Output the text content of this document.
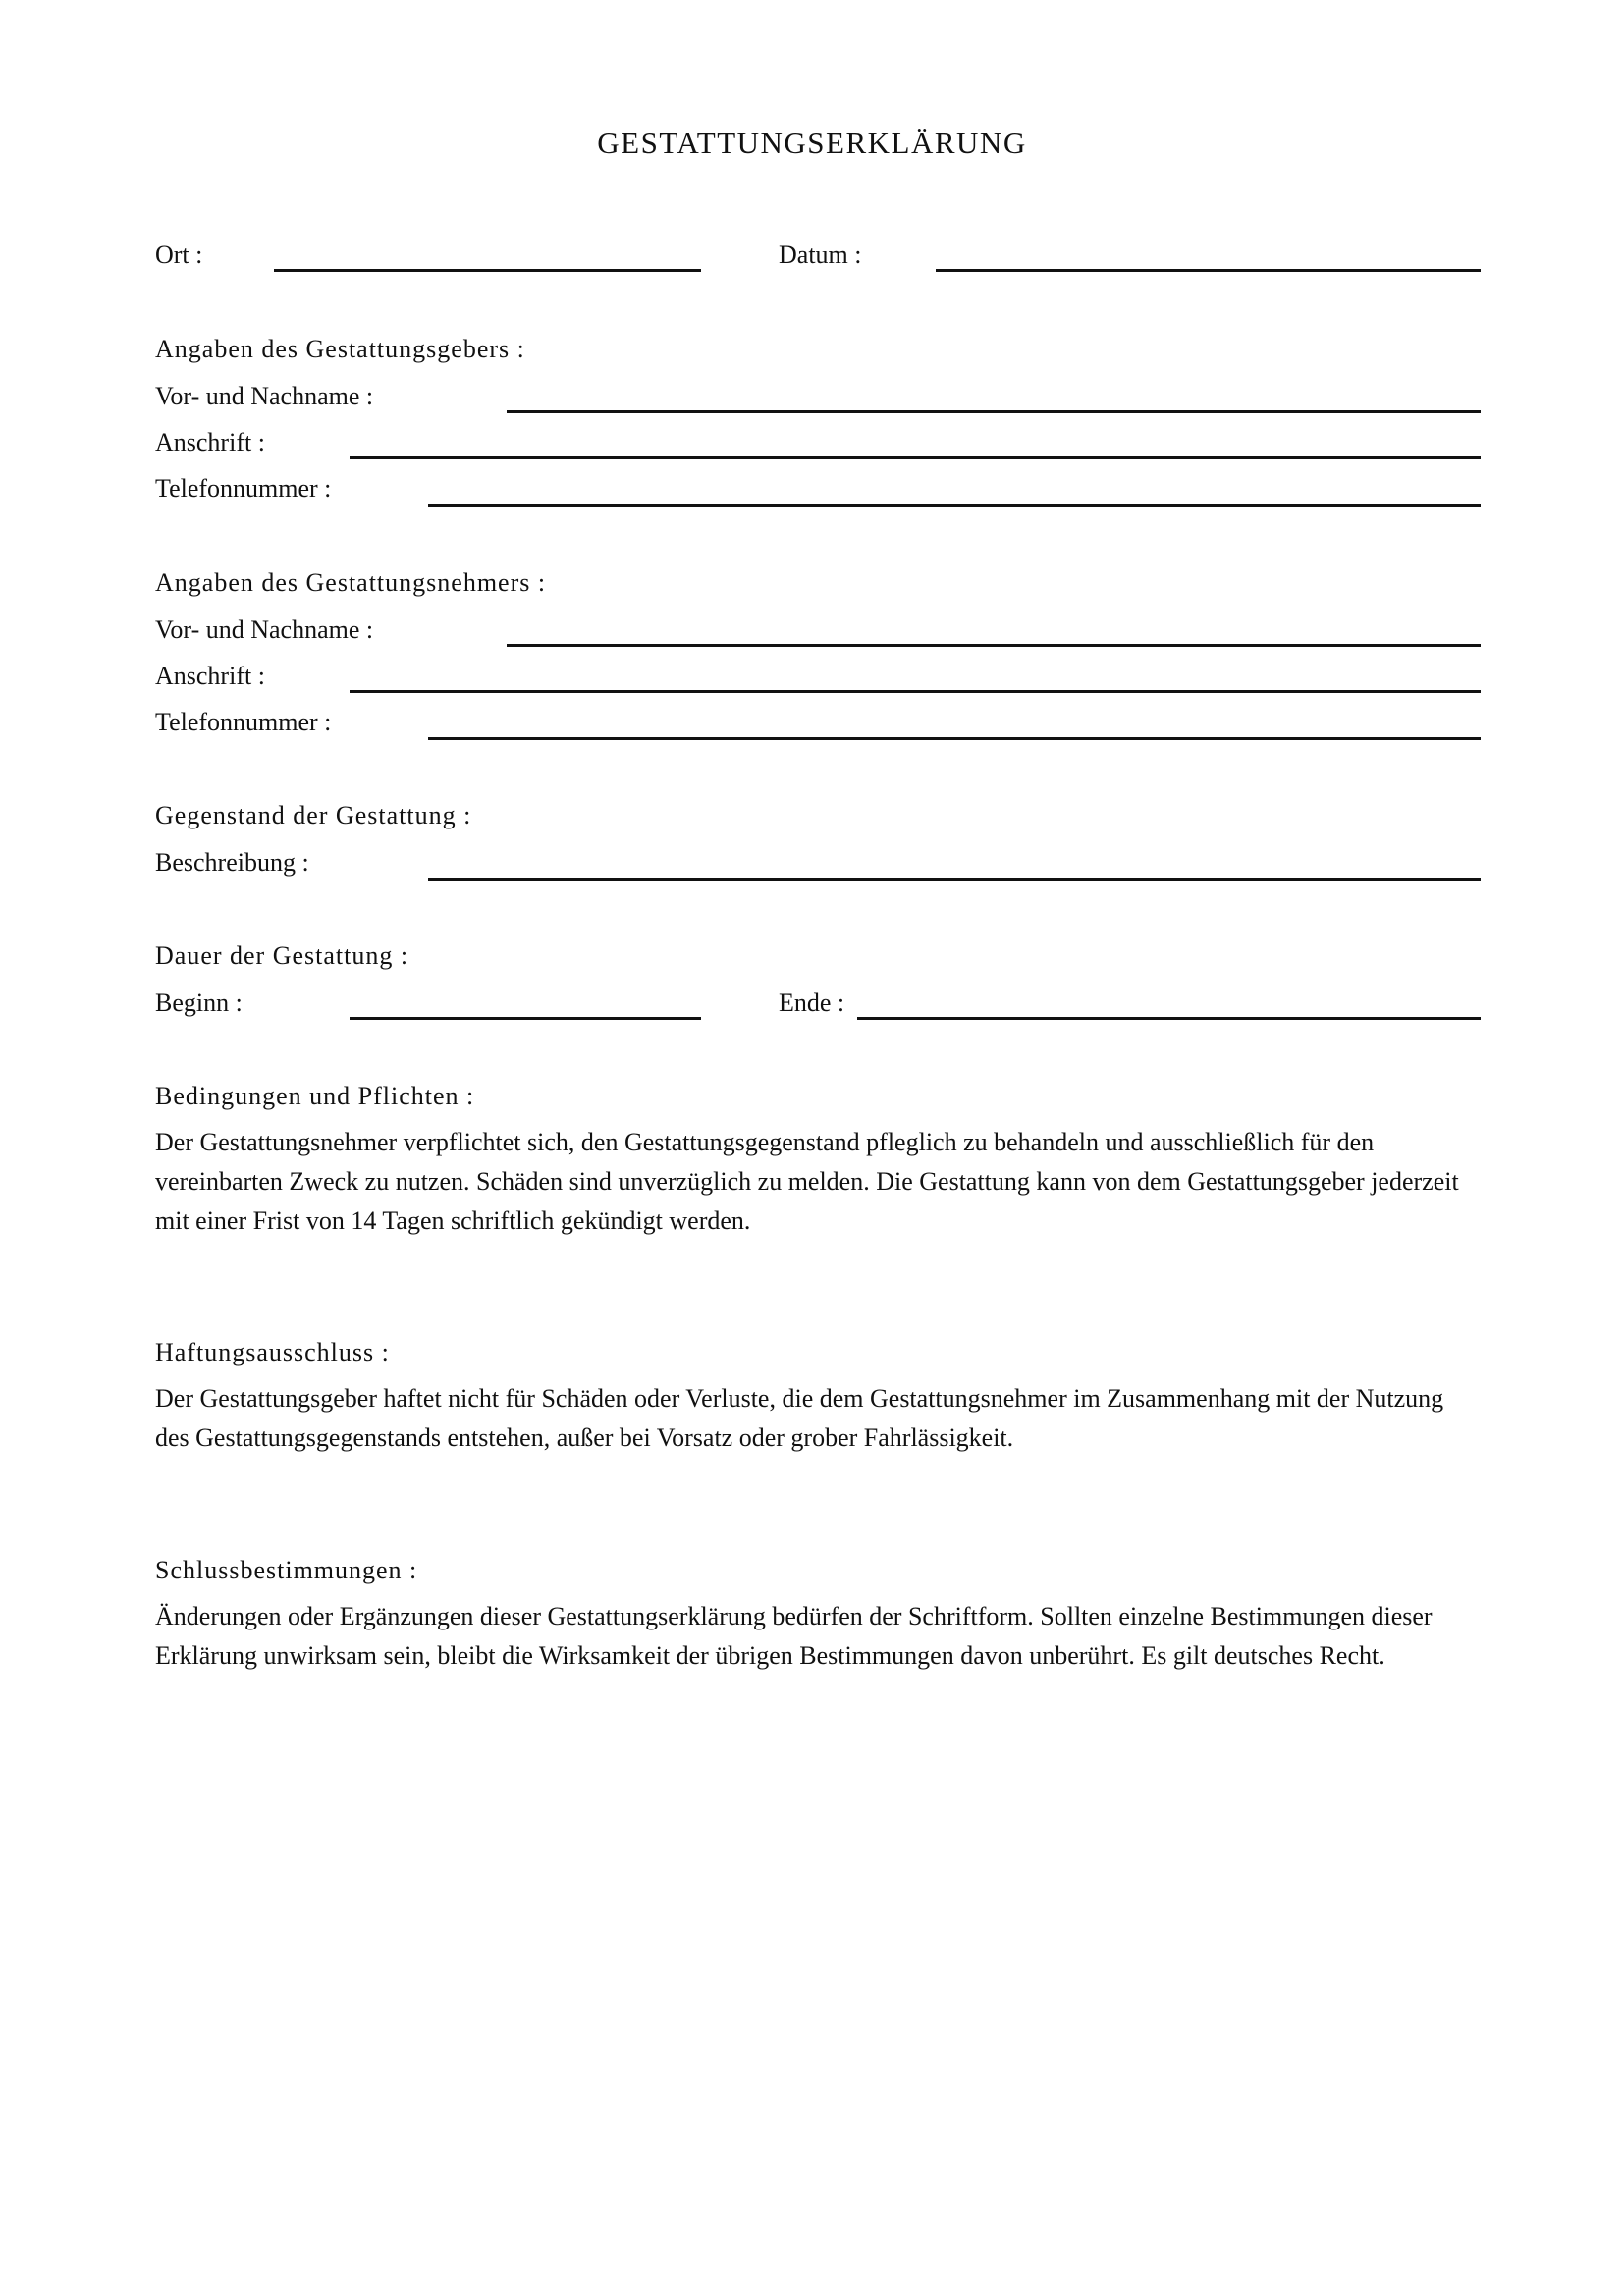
GESTATTUNGSERKLÄRUNG
Ort :	Datum :
Angaben des Gestattungsgebers :
Vor- und Nachname :
Anschrift :
Telefonnummer :
Angaben des Gestattungsnehmers :
Vor- und Nachname :
Anschrift :
Telefonnummer :
Gegenstand der Gestattung :
Beschreibung :
Dauer der Gestattung :
Beginn :	Ende :
Bedingungen und Pflichten :
Der Gestattungsnehmer verpflichtet sich, den Gestattungsgegenstand pfleglich zu behandeln und ausschließlich für den vereinbarten Zweck zu nutzen. Schäden sind unverzüglich zu melden. Die Gestattung kann von dem Gestattungsgeber jederzeit mit einer Frist von 14 Tagen schriftlich gekündigt werden.
Haftungsausschluss :
Der Gestattungsgeber haftet nicht für Schäden oder Verluste, die dem Gestattungsnehmer im Zusammenhang mit der Nutzung des Gestattungsgegenstands entstehen, außer bei Vorsatz oder grober Fahrlässigkeit.
Schlussbestimmungen :
Änderungen oder Ergänzungen dieser Gestattungserklärung bedürfen der Schriftform. Sollten einzelne Bestimmungen dieser Erklärung unwirksam sein, bleibt die Wirksamkeit der übrigen Bestimmungen davon unberührt. Es gilt deutsches Recht.
